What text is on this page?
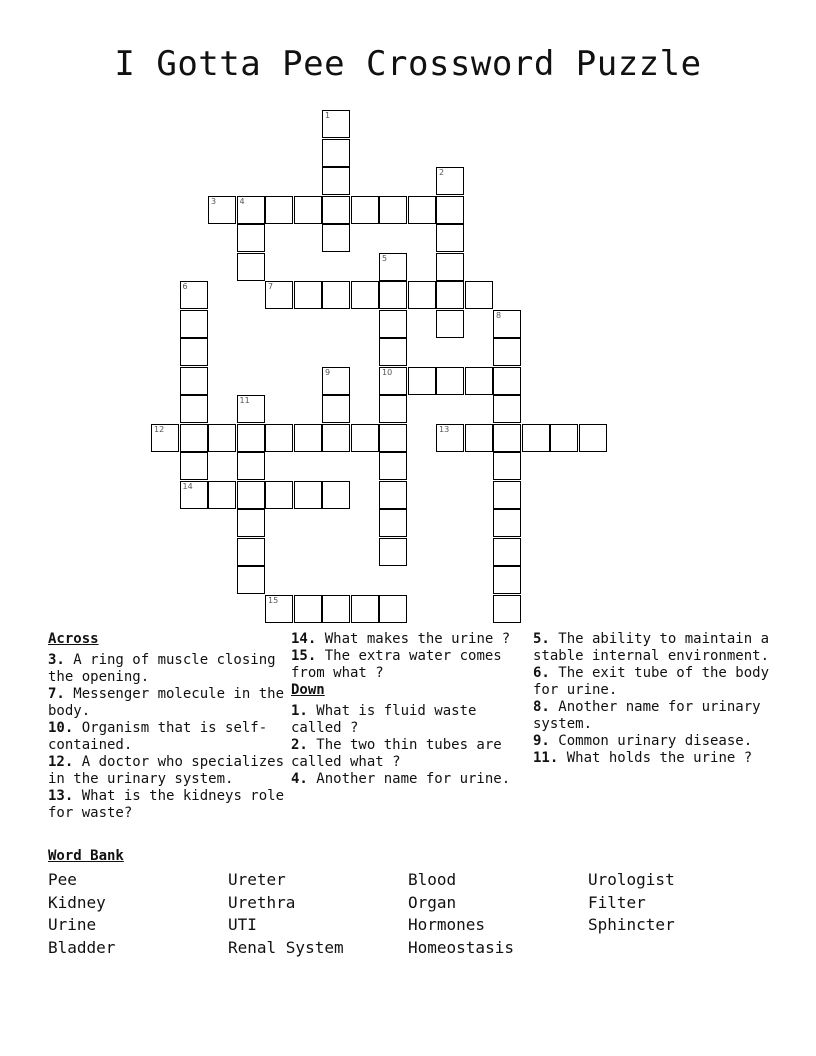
I Gotta Pee Crossword Puzzle
1
2
3	4
5
10
6	7
8
9
11
12	13
14
15

Across

3. A ring of muscle closing the opening.

7. Messenger molecule in the body.

10. Organism that is self-contained.

12. A doctor who specializes in the urinary system.

13. What is the kidneys role for waste?

14. What makes the urine ?

15. The extra water comes from what ?

Down

1. What is fluid waste called ?

2. The two thin tubes are called what ?

4. Another name for urine.

5. The ability to maintain a stable internal environment.

6. The exit tube of the body for urine.

8. Another name for urinary system.

9. Common urinary disease.

11. What holds the urine ?

Word Bank
Pee
Kidney
Urine
Bladder
Ureter
Urethra
UTI
Renal System
Blood
Organ
Hormones
Homeostasis
Urologist
Filter
Sphincter
